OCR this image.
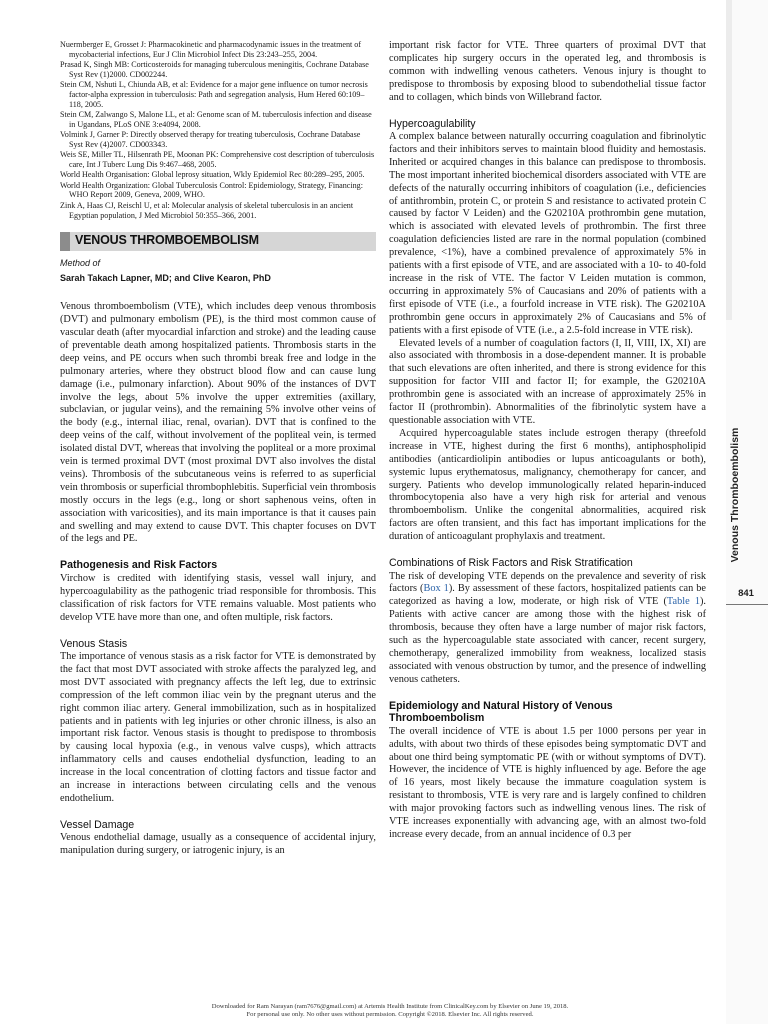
Nuermberger E, Grosset J: Pharmacokinetic and pharmacodynamic issues in the treatment of mycobacterial infections, Eur J Clin Microbiol Infect Dis 23:243–255, 2004.

Prasad K, Singh MB: Corticosteroids for managing tuberculous meningitis, Cochrane Database Syst Rev (1)2000. CD002244.

Stein CM, Nshuti L, Chiunda AB, et al: Evidence for a major gene influence on tumor necrosis factor-alpha expression in tuberculosis: Path and segregation analysis, Hum Hered 60:109–118, 2005.

Stein CM, Zalwango S, Malone LL, et al: Genome scan of M. tuberculosis infection and disease in Ugandans, PLoS ONE 3:e4094, 2008.

Volmink J, Garner P: Directly observed therapy for treating tuberculosis, Cochrane Database Syst Rev (4)2007. CD003343.

Weis SE, Miller TL, Hilsenrath PE, Moonan PK: Comprehensive cost description of tuberculosis care, Int J Tuberc Lung Dis 9:467–468, 2005.

World Health Organisation: Global leprosy situation, Wkly Epidemiol Rec 80:289–295, 2005.

World Health Organization: Global Tuberculosis Control: Epidemiology, Strategy, Financing: WHO Report 2009, Geneva, 2009, WHO.

Zink A, Haas CJ, Reischl U, et al: Molecular analysis of skeletal tuberculosis in an ancient Egyptian population, J Med Microbiol 50:355–366, 2001.

VENOUS THROMBOEMBOLISM
Method of
Sarah Takach Lapner, MD; and Clive Kearon, PhD

Venous thromboembolism (VTE), which includes deep venous thrombosis (DVT) and pulmonary embolism (PE), is the third most common cause of vascular death (after myocardial infarction and stroke) and the leading cause of preventable death among hospitalized patients. Thrombosis starts in the deep veins, and PE occurs when such thrombi break free and lodge in the pulmonary arteries, where they obstruct blood flow and can cause lung damage (i.e., pulmonary infarction). About 90% of the instances of DVT involve the legs, about 5% involve the upper extremities (axillary, subclavian, or jugular veins), and the remaining 5% involve other veins of the body (e.g., internal iliac, renal, ovarian). DVT that is confined to the deep veins of the calf, without involvement of the popliteal vein, is termed isolated distal DVT, whereas that involving the popliteal or a more proximal vein is termed proximal DVT (most proximal DVT also involves the distal veins). Thrombosis of the subcutaneous veins is referred to as superficial vein thrombosis or superficial thrombophlebitis. Superficial vein thrombosis mostly occurs in the legs (e.g., long or short saphenous veins, often in association with varicosities), and its main importance is that it causes pain and swelling and may extend to cause DVT. This chapter focuses on DVT of the legs and PE.

Pathogenesis and Risk Factors

Virchow is credited with identifying stasis, vessel wall injury, and hypercoagulability as the pathogenic triad responsible for thrombosis. This classification of risk factors for VTE remains valuable. Most patients who develop VTE have more than one, and often multiple, risk factors.

Venous Stasis

The importance of venous stasis as a risk factor for VTE is demonstrated by the fact that most DVT associated with stroke affects the paralyzed leg, and most DVT associated with pregnancy affects the left leg, due to extrinsic compression of the left common iliac vein by the pregnant uterus and the right common iliac artery. General immobilization, such as in hospitalized patients and in patients with leg injuries or other chronic illness, is also an important risk factor. Venous stasis is thought to predispose to thrombosis by causing local hypoxia (e.g., in venous valve cusps), which attracts inflammatory cells and causes endothelial dysfunction, leading to an increase in the local concentration of clotting factors and tissue factor and an increase in interactions between circulating cells and the venous endothelium.

Vessel Damage

Venous endothelial damage, usually as a consequence of accidental injury, manipulation during surgery, or iatrogenic injury, is an

important risk factor for VTE. Three quarters of proximal DVT that complicates hip surgery occurs in the operated leg, and thrombosis is common with indwelling venous catheters. Venous injury is thought to predispose to thrombosis by exposing blood to subendothelial tissue factor and to collagen, which binds von Willebrand factor.

Hypercoagulability

A complex balance between naturally occurring coagulation and fibrinolytic factors and their inhibitors serves to maintain blood fluidity and hemostasis. Inherited or acquired changes in this balance can predispose to thrombosis. The most important inherited biochemical disorders associated with VTE are defects of the naturally occurring inhibitors of coagulation (i.e., deficiencies of antithrombin, protein C, or protein S and resistance to activated protein C caused by factor V Leiden) and the G20210A prothrombin gene mutation, which is associated with elevated levels of prothrombin. The first three coagulation deficiencies listed are rare in the normal population (combined prevalence, <1%), have a combined prevalence of approximately 5% in patients with a first episode of VTE, and are associated with a 10- to 40-fold increase in the risk of VTE. The factor V Leiden mutation is common, occurring in approximately 5% of Caucasians and 20% of patients with a first episode of VTE (i.e., a fourfold increase in VTE risk). The G20210A prothrombin gene occurs in approximately 2% of Caucasians and 5% of patients with a first episode of VTE (i.e., a 2.5-fold increase in VTE risk).

Elevated levels of a number of coagulation factors (I, II, VIII, IX, XI) are also associated with thrombosis in a dose-dependent manner. It is probable that such elevations are often inherited, and there is strong evidence for this supposition for factor VIII and factor II; for example, the G20210A prothrombin gene is associated with an increase of approximately 25% in factor II (prothrombin). Abnormalities of the fibrinolytic system have a questionable association with VTE.

Acquired hypercoagulable states include estrogen therapy (threefold increase in VTE, highest during the first 6 months), antiphospholipid antibodies (anticardiolipin antibodies or lupus anticoagulants or both), systemic lupus erythematosus, malignancy, chemotherapy for cancer, and surgery. Patients who develop immunologically related heparin-induced thrombocytopenia also have a very high risk for arterial and venous thromboembolism. Unlike the congenital abnormalities, acquired risk factors are often transient, and this fact has important implications for the duration of anticoagulant prophylaxis and treatment.

Combinations of Risk Factors and Risk Stratification

The risk of developing VTE depends on the prevalence and severity of risk factors (Box 1). By assessment of these factors, hospitalized patients can be categorized as having a low, moderate, or high risk of VTE (Table 1). Patients with active cancer are among those with the highest risk of thrombosis, because they often have a large number of major risk factors, such as the hypercoagulable state associated with cancer, recent surgery, chemotherapy, generalized immobility from weakness, localized stasis associated with venous obstruction by tumor, and the presence of indwelling venous catheters.

Epidemiology and Natural History of Venous Thromboembolism

The overall incidence of VTE is about 1.5 per 1000 persons per year in adults, with about two thirds of these episodes being symptomatic DVT and about one third being symptomatic PE (with or without symptoms of DVT). However, the incidence of VTE is highly influenced by age. Before the age of 16 years, most likely because the immature coagulation system is resistant to thrombosis, VTE is very rare and is largely confined to children with major provoking factors such as indwelling venous lines. The risk of VTE increases exponentially with advancing age, with an almost two-fold increase every decade, from an annual incidence of 0.3 per

Venous Thromboembolism
841
Downloaded for Ram Narayan (ram7676@gmail.com) at Artemis Health Institute from ClinicalKey.com by Elsevier on June 19, 2018.
For personal use only. No other uses without permission. Copyright ©2018. Elsevier Inc. All rights reserved.
